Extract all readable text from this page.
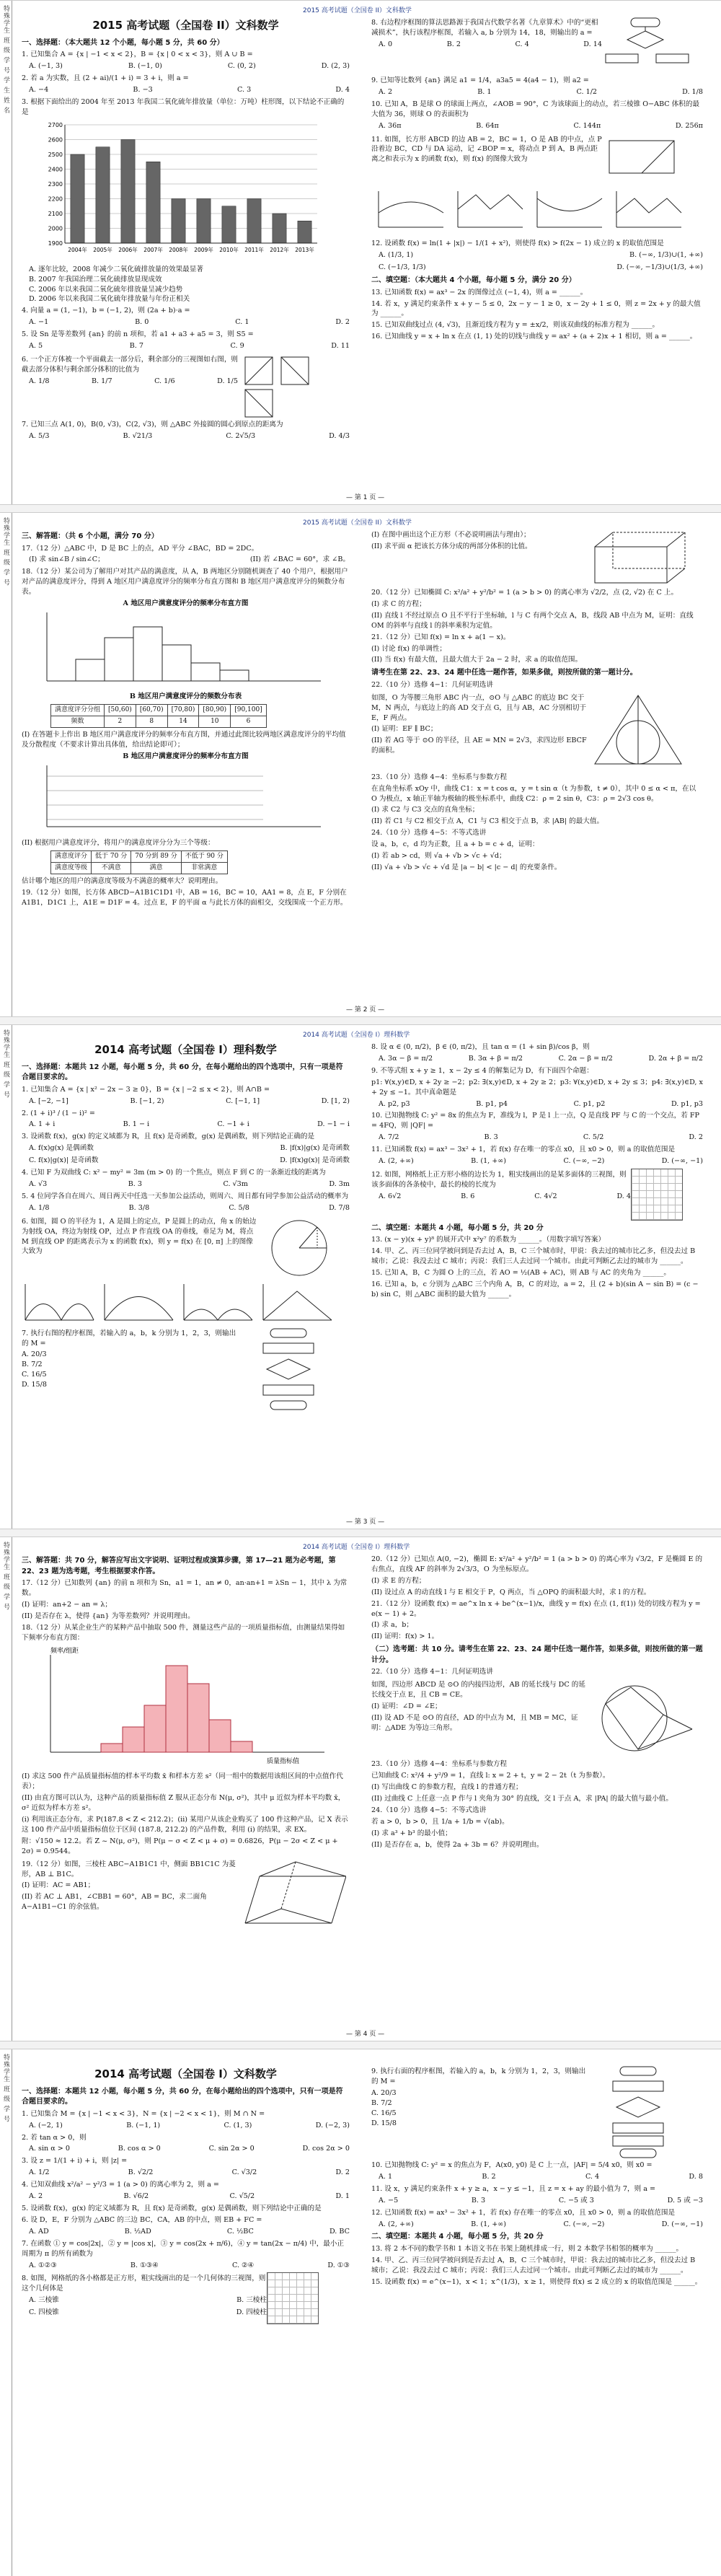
特殊学生 班 级 学 号 学 生 姓 名	2015 高考试题（全国卷 II）文科数学
2015 高考试题（全国卷 II）文科数学
一、选择题：（本大题共 12 个小题，每小题 5 分，共 60 分）
1. 已知集合 A = {x | −1 < x < 2}，B = {x | 0 < x < 3}，则 A ∪ B =
A. (−1, 3)	B. (−1, 0)	C. (0, 2)	D. (2, 3)
2. 若 a 为实数，且 (2 + ai)/(1 + i) = 3 + i，则 a =
A. −4	B. −3	C. 3	D. 4
3. 根据下面给出的 2004 年至 2013 年我国二氧化硫年排放量（单位：万吨）柱形图，以下结论不正确的是
1900
2000
2100
2200
2300
2400
2500
2600
2700
2004年 2005年 2006年 2007年 2008年 2009年 2010年 2011年 2012年 2013年
A. 逐年比较，2008 年减少二氧化硫排放量的效果最显著
B. 2007 年我国治理二氧化硫排放显现成效
C. 2006 年以来我国二氧化硫年排放量呈减少趋势
D. 2006 年以来我国二氧化硫年排放量与年份正相关
4. 向量 a = (1, −1)，b = (−1, 2)，则 (2a + b)·a =
A. −1	B. 0	C. 1	D. 2
5. 设 Sn 是等差数列 {an} 的前 n 项和，若 a1 + a3 + a5 = 3，则 S5 =
A. 5	B. 7	C. 9	D. 11
6. 一个正方体被一个平面截去一部分后，剩余部分的三视图如右图，则截去部分体积与剩余部分体积的比值为
A. 1/8	B. 1/7	C. 1/6	D. 1/5
7. 已知三点 A(1, 0)，B(0, √3)，C(2, √3)，则 △ABC 外接圆的圆心到原点的距离为
A. 5/3	B. √21/3	C. 2√5/3	D. 4/3
8. 右边程序框图的算法思路源于我国古代数学名著《九章算术》中的“更相减损术”，执行该程序框图，若输入 a, b 分别为 14，18，则输出的 a =
A. 0	B. 2	C. 4	D. 14
9. 已知等比数列 {an} 满足 a1 = 1/4，a3a5 = 4(a4 − 1)，则 a2 =
A. 2	B. 1	C. 1/2	D. 1/8
10. 已知 A，B 是球 O 的球面上两点，∠AOB = 90°，C 为该球面上的动点，若三棱锥 O−ABC 体积的最大值为 36，则球 O 的表面积为
A. 36π	B. 64π	C. 144π	D. 256π
11. 如图，长方形 ABCD 的边 AB = 2，BC = 1，O 是 AB 的中点，点 P 沿着边 BC，CD 与 DA 运动，记 ∠BOP = x，将动点 P 到 A，B 两点距离之和表示为 x 的函数 f(x)，则 f(x) 的图像大致为
12. 设函数 f(x) = ln(1 + |x|) − 1/(1 + x²)，则使得 f(x) > f(2x − 1) 成立的 x 的取值范围是
A. (1/3, 1)	B. (−∞, 1/3)∪(1, +∞)
C. (−1/3, 1/3)	D. (−∞, −1/3)∪(1/3, +∞)
二、填空题：（本大题共 4 个小题，每小题 5 分，满分 20 分）
13. 已知函数 f(x) = ax³ − 2x 的图像过点 (−1, 4)，则 a = ______。
14. 若 x，y 满足约束条件 x + y − 5 ≤ 0，2x − y − 1 ≥ 0，x − 2y + 1 ≤ 0，则 z = 2x + y 的最大值为 ______。
15. 已知双曲线过点 (4, √3)，且渐近线方程为 y = ±x/2，则该双曲线的标准方程为 ______。
16. 已知曲线 y = x + ln x 在点 (1, 1) 处的切线与曲线 y = ax² + (a + 2)x + 1 相切，则 a = ______。
— 第 1 页 —
特殊学生 班 级 学 号	2015 高考试题（全国卷 II）文科数学
三、解答题：（共 6 个小题，满分 70 分）
17.（12 分）△ABC 中，D 是 BC 上的点，AD 平分 ∠BAC，BD = 2DC。
(I) 求 sin∠B / sin∠C；	(II) 若 ∠BAC = 60°，求 ∠B。
18.（12 分）某公司为了解用户对其产品的满意度，从 A，B 两地区分别随机调查了 40 个用户，根据用户对产品的满意度评分，得到 A 地区用户满意度评分的频率分布直方图和 B 地区用户满意度评分的频数分布表。
A 地区用户满意度评分的频率分布直方图
B 地区用户满意度评分的频数分布表
满意度评分分组	[50,60)	[60,70)	[70,80)	[80,90)	[90,100]
频数	2	8	14	10	6
(I) 在答题卡上作出 B 地区用户满意度评分的频率分布直方图，并通过此图比较两地区满意度评分的平均值及分散程度（不要求计算出具体值，给出结论即可）；
B 地区用户满意度评分的频率分布直方图
(II) 根据用户满意度评分，将用户的满意度评分分为三个等级：
满意度评分	低于 70 分	70 分到 89 分	不低于 90 分
满意度等级	不满意	满意	非常满意
估计哪个地区的用户的满意度等级为不满意的概率大？说明理由。
19.（12 分）如图，长方体 ABCD−A1B1C1D1 中，AB = 16，BC = 10，AA1 = 8，点 E，F 分别在 A1B1，D1C1 上，A1E = D1F = 4。过点 E，F 的平面 α 与此长方体的面相交，交线围成一个正方形。
(I) 在图中画出这个正方形（不必说明画法与理由）；
(II) 求平面 α 把该长方体分成的两部分体积的比值。
20.（12 分）已知椭圆 C: x²/a² + y²/b² = 1 (a > b > 0) 的离心率为 √2/2，点 (2, √2) 在 C 上。
(I) 求 C 的方程；
(II) 直线 l 不经过原点 O 且不平行于坐标轴，l 与 C 有两个交点 A，B，线段 AB 中点为 M，证明：直线 OM 的斜率与直线 l 的斜率乘积为定值。
21.（12 分）已知 f(x) = ln x + a(1 − x)。
(I) 讨论 f(x) 的单调性；
(II) 当 f(x) 有最大值，且最大值大于 2a − 2 时，求 a 的取值范围。
请考生在第 22、23、24 题中任选一题作答，如果多做，则按所做的第一题计分。
22.（10 分）选修 4−1：几何证明选讲
如图，O 为等腰三角形 ABC 内一点，⊙O 与 △ABC 的底边 BC 交于 M，N 两点，与底边上的高 AD 交于点 G，且与 AB，AC 分别相切于 E，F 两点。
(I) 证明：EF ∥ BC；
(II) 若 AG 等于 ⊙O 的半径，且 AE = MN = 2√3，求四边形 EBCF 的面积。
23.（10 分）选修 4−4：坐标系与参数方程
在直角坐标系 xOy 中，曲线 C1：x = t cos α，y = t sin α（t 为参数，t ≠ 0），其中 0 ≤ α < π，在以 O 为极点，x 轴正半轴为极轴的极坐标系中，曲线 C2：ρ = 2 sin θ，C3：ρ = 2√3 cos θ。
(I) 求 C2 与 C3 交点的直角坐标；
(II) 若 C1 与 C2 相交于点 A，C1 与 C3 相交于点 B，求 |AB| 的最大值。
24.（10 分）选修 4−5：不等式选讲
设 a，b，c，d 均为正数，且 a + b = c + d，证明：
(I) 若 ab > cd，则 √a + √b > √c + √d；
(II) √a + √b > √c + √d 是 |a − b| < |c − d| 的充要条件。
— 第 2 页 —
特殊学生 班 级 学 号	2014 高考试题（全国卷 I）理科数学
2014 高考试题（全国卷 I）理科数学
一、选择题：本题共 12 小题，每小题 5 分，共 60 分，在每小题给出的四个选项中，只有一项是符合题目要求的。
1. 已知集合 A = {x | x² − 2x − 3 ≥ 0}，B = {x | −2 ≤ x < 2}，则 A∩B =
A. [−2, −1]	B. [−1, 2)	C. [−1, 1]	D. [1, 2)
2. (1 + i)³ / (1 − i)² =
A. 1 + i	B. 1 − i	C. −1 + i	D. −1 − i
3. 设函数 f(x)，g(x) 的定义域都为 R，且 f(x) 是奇函数，g(x) 是偶函数，则下列结论正确的是
A. f(x)g(x) 是偶函数	B. |f(x)|g(x) 是奇函数
C. f(x)|g(x)| 是奇函数	D. |f(x)g(x)| 是奇函数
4. 已知 F 为双曲线 C: x² − my² = 3m (m > 0) 的一个焦点，则点 F 到 C 的一条渐近线的距离为
A. √3	B. 3	C. √3m	D. 3m
5. 4 位同学各自在周六、周日两天中任选一天参加公益活动，则周六、周日都有同学参加公益活动的概率为
A. 1/8	B. 3/8	C. 5/8	D. 7/8
6. 如图，圆 O 的半径为 1，A 是圆上的定点，P 是圆上的动点，角 x 的始边为射线 OA，终边为射线 OP，过点 P 作直线 OA 的垂线，垂足为 M，将点 M 到直线 OP 的距离表示为 x 的函数 f(x)，则 y = f(x) 在 [0, π] 上的图像大致为
7. 执行右图的程序框图，若输入的 a，b，k 分别为 1，2，3，则输出的 M =
A. 20/3
B. 7/2
C. 16/5
D. 15/8
8. 设 α ∈ (0, π/2)，β ∈ (0, π/2)，且 tan α = (1 + sin β)/cos β，则
A. 3α − β = π/2	B. 3α + β = π/2	C. 2α − β = π/2	D. 2α + β = π/2
9. 不等式组 x + y ≥ 1，x − 2y ≤ 4 的解集记为 D，有下面四个命题：
p1: ∀(x,y)∈D, x + 2y ≥ −2；p2: ∃(x,y)∈D, x + 2y ≥ 2；p3: ∀(x,y)∈D, x + 2y ≤ 3；p4: ∃(x,y)∈D, x + 2y ≤ −1。其中真命题是
A. p2, p3	B. p1, p4	C. p1, p2	D. p1, p3
10. 已知抛物线 C: y² = 8x 的焦点为 F，准线为 l，P 是 l 上一点，Q 是直线 PF 与 C 的一个交点，若 FP = 4FQ，则 |QF| =
A. 7/2	B. 3	C. 5/2	D. 2
11. 已知函数 f(x) = ax³ − 3x² + 1，若 f(x) 存在唯一的零点 x0，且 x0 > 0，则 a 的取值范围是
A. (2, +∞)	B. (1, +∞)	C. (−∞, −2)	D. (−∞, −1)
12. 如图，网格纸上正方形小格的边长为 1，粗实线画出的是某多面体的三视图，则该多面体的各条棱中，最长的棱的长度为
A. 6√2	B. 6	C. 4√2	D. 4
二、填空题：本题共 4 小题，每小题 5 分，共 20 分
13. (x − y)(x + y)⁸ 的展开式中 x²y⁷ 的系数为 ______。（用数字填写答案）
14. 甲、乙、丙三位同学被问到是否去过 A，B，C 三个城市时，甲说：我去过的城市比乙多，但没去过 B 城市；乙说：我没去过 C 城市；丙说：我们三人去过同一个城市。由此可判断乙去过的城市为 ______。
15. 已知 A，B，C 为圆 O 上的三点，若 AO = ½(AB + AC)，则 AB 与 AC 的夹角为 ______。
16. 已知 a，b，c 分别为 △ABC 三个内角 A，B，C 的对边，a = 2，且 (2 + b)(sin A − sin B) = (c − b) sin C，则 △ABC 面积的最大值为 ______。
— 第 3 页 —
特殊学生 班 级 学 号	2014 高考试题（全国卷 I）理科数学
三、解答题：共 70 分，解答应写出文字说明、证明过程或演算步骤，第 17—21 题为必考题，第 22、23 题为选考题，考生根据要求作答。
17.（12 分）已知数列 {an} 的前 n 项和为 Sn，a1 = 1，an ≠ 0，an·an+1 = λSn − 1，其中 λ 为常数。
(I) 证明：an+2 − an = λ；
(II) 是否存在 λ，使得 {an} 为等差数列？并说明理由。
18.（12 分）从某企业生产的某种产品中抽取 500 件，测量这些产品的一项质量指标值，由测量结果得如下频率分布直方图：
频率/组距
质量指标值
(I) 求这 500 件产品质量指标值的样本平均数 x̄ 和样本方差 s²（同一组中的数据用该组区间的中点值作代表）；
(II) 由直方图可以认为，这种产品的质量指标值 Z 服从正态分布 N(μ, σ²)，其中 μ 近似为样本平均数 x̄，σ² 近似为样本方差 s²。
(i) 利用该正态分布，求 P(187.8 < Z < 212.2)；(ii) 某用户从该企业购买了 100 件这种产品，记 X 表示这 100 件产品中质量指标值位于区间 (187.8, 212.2) 的产品件数，利用 (i) 的结果，求 EX。
附：√150 ≈ 12.2。若 Z ~ N(μ, σ²)，则 P(μ − σ < Z < μ + σ) = 0.6826，P(μ − 2σ < Z < μ + 2σ) = 0.9544。
19.（12 分）如图，三棱柱 ABC−A1B1C1 中，侧面 BB1C1C 为菱形，AB ⊥ B1C。
(I) 证明：AC = AB1；
(II) 若 AC ⊥ AB1，∠CBB1 = 60°，AB = BC，求二面角 A−A1B1−C1 的余弦值。
20.（12 分）已知点 A(0, −2)，椭圆 E: x²/a² + y²/b² = 1 (a > b > 0) 的离心率为 √3/2，F 是椭圆 E 的右焦点，直线 AF 的斜率为 2√3/3，O 为坐标原点。
(I) 求 E 的方程；
(II) 设过点 A 的动直线 l 与 E 相交于 P，Q 两点，当 △OPQ 的面积最大时，求 l 的方程。
21.（12 分）设函数 f(x) = ae^x ln x + be^(x−1)/x，曲线 y = f(x) 在点 (1, f(1)) 处的切线方程为 y = e(x − 1) + 2。
(I) 求 a，b；
(II) 证明：f(x) > 1。
（二）选考题：共 10 分。请考生在第 22、23、24 题中任选一题作答，如果多做，则按所做的第一题计分。
22.（10 分）选修 4−1：几何证明选讲
如图，四边形 ABCD 是 ⊙O 的内接四边形，AB 的延长线与 DC 的延长线交于点 E，且 CB = CE。
(I) 证明：∠D = ∠E；
(II) 设 AD 不是 ⊙O 的直径，AD 的中点为 M，且 MB = MC，证明：△ADE 为等边三角形。
23.（10 分）选修 4−4：坐标系与参数方程
已知曲线 C: x²/4 + y²/9 = 1，直线 l: x = 2 + t，y = 2 − 2t（t 为参数）。
(I) 写出曲线 C 的参数方程，直线 l 的普通方程；
(II) 过曲线 C 上任意一点 P 作与 l 夹角为 30° 的直线，交 l 于点 A，求 |PA| 的最大值与最小值。
24.（10 分）选修 4−5：不等式选讲
若 a > 0，b > 0，且 1/a + 1/b = √(ab)。
(I) 求 a³ + b³ 的最小值；
(II) 是否存在 a，b，使得 2a + 3b = 6？并说明理由。
— 第 4 页 —
特殊学生 班 级 学 号	2014 高考试题（全国卷 I）文科数学
一、选择题：本题共 12 小题，每小题 5 分，共 60 分，在每小题给出的四个选项中，只有一项是符合题目要求的。
1. 已知集合 M = {x | −1 < x < 3}，N = {x | −2 < x < 1}，则 M ∩ N =
A. (−2, 1)	B. (−1, 1)	C. (1, 3)	D. (−2, 3)
2. 若 tan α > 0，则
A. sin α > 0	B. cos α > 0	C. sin 2α > 0	D. cos 2α > 0
3. 设 z = 1/(1 + i) + i，则 |z| =
A. 1/2	B. √2/2	C. √3/2	D. 2
4. 已知双曲线 x²/a² − y²/3 = 1 (a > 0) 的离心率为 2，则 a =
A. 2	B. √6/2	C. √5/2	D. 1
5. 设函数 f(x)，g(x) 的定义域都为 R，且 f(x) 是奇函数，g(x) 是偶函数，则下列结论中正确的是
6. 设 D，E，F 分别为 △ABC 的三边 BC，CA，AB 的中点，则 EB + FC =
A. AD	B. ½AD	C. ½BC	D. BC
7. 在函数 ① y = cos|2x|，② y = |cos x|，③ y = cos(2x + π/6)，④ y = tan(2x − π/4) 中，最小正周期为 π 的所有函数为
A. ①②③	B. ①③④	C. ②④	D. ①③
8. 如图，网格纸的各小格都是正方形，粗实线画出的是一个几何体的三视图，则这个几何体是
A. 三棱锥	B. 三棱柱
C. 四棱锥	D. 四棱柱
9. 执行右面的程序框图，若输入的 a，b，k 分别为 1，2，3，则输出的 M =
A. 20/3
B. 7/2
C. 16/5
D. 15/8
10. 已知抛物线 C: y² = x 的焦点为 F，A(x0, y0) 是 C 上一点，|AF| = 5/4 x0，则 x0 =
A. 1	B. 2	C. 4	D. 8
11. 设 x，y 满足约束条件 x + y ≥ a，x − y ≤ −1，且 z = x + ay 的最小值为 7，则 a =
A. −5	B. 3	C. −5 或 3	D. 5 或 −3
12. 已知函数 f(x) = ax³ − 3x² + 1，若 f(x) 存在唯一的零点 x0，且 x0 > 0，则 a 的取值范围是
A. (2, +∞)	B. (1, +∞)	C. (−∞, −2)	D. (−∞, −1)
二、填空题：本题共 4 小题，每小题 5 分，共 20 分
13. 将 2 本不同的数学书和 1 本语文书在书架上随机排成一行，则 2 本数学书相邻的概率为 ______。
14. 甲、乙、丙三位同学被问到是否去过 A，B，C 三个城市时，甲说：我去过的城市比乙多，但没去过 B 城市；乙说：我没去过 C 城市；丙说：我们三人去过同一个城市。由此可判断乙去过的城市为 ______。
15. 设函数 f(x) = e^(x−1)，x < 1；x^(1/3)，x ≥ 1，则使得 f(x) ≤ 2 成立的 x 的取值范围是 ______。
